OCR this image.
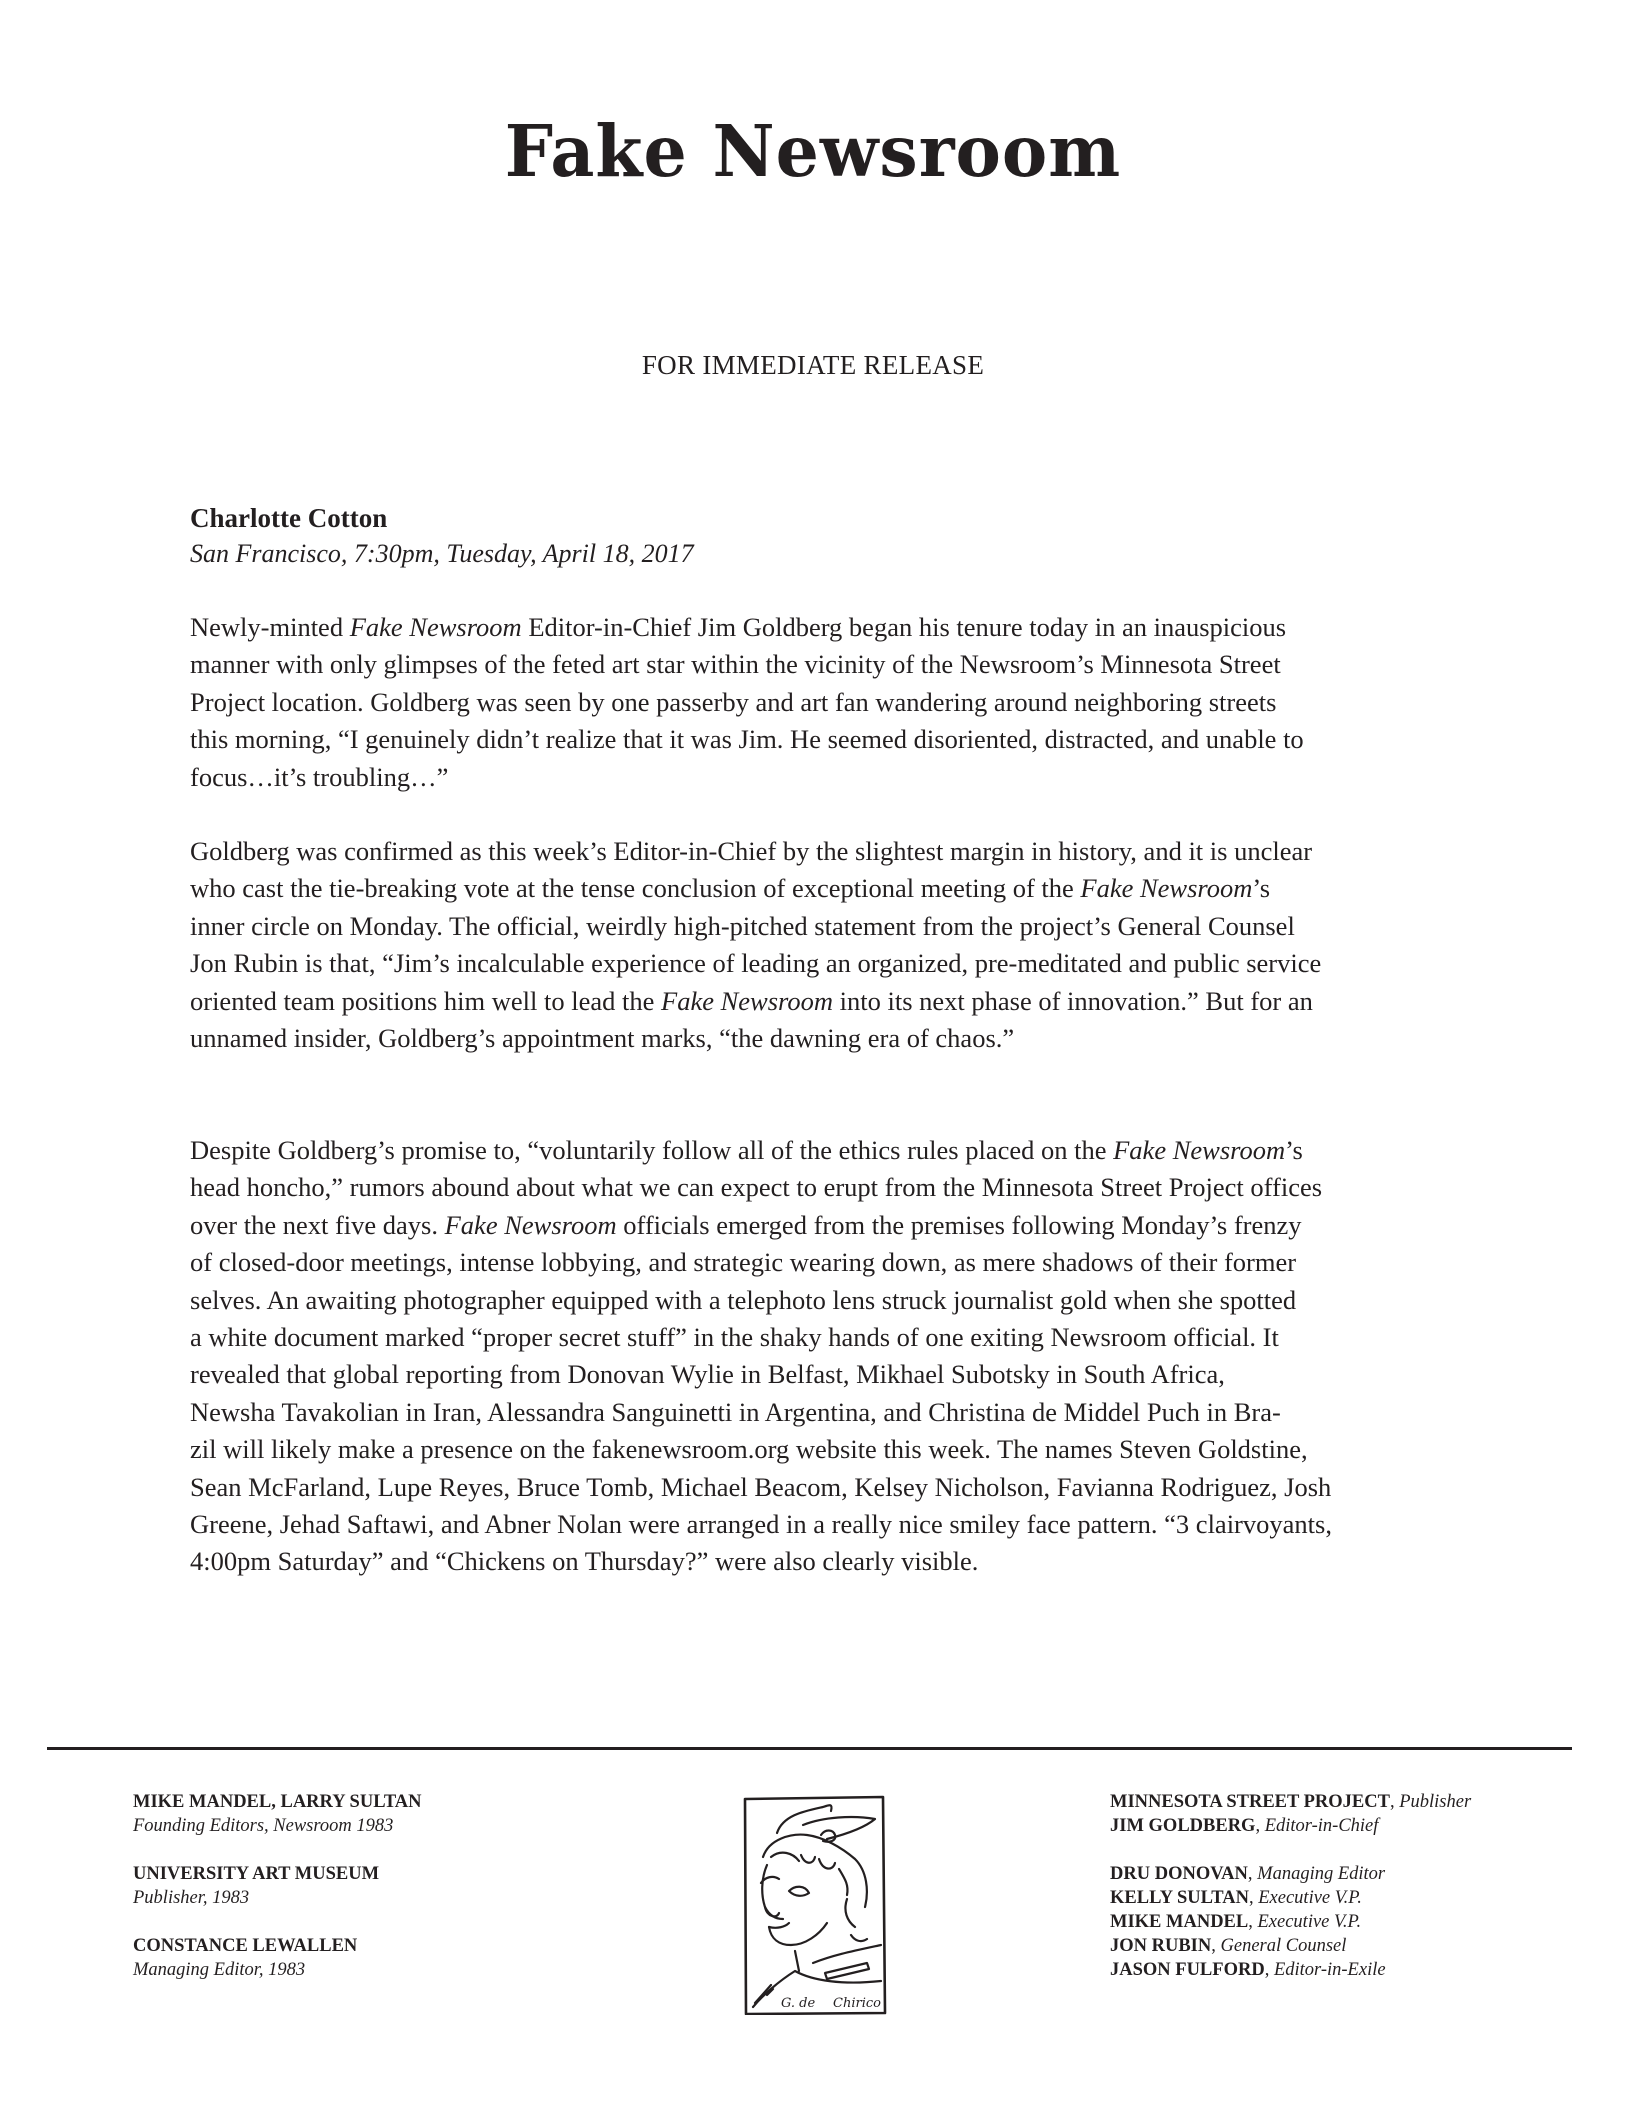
Fake Newsroom
FOR IMMEDIATE RELEASE
Charlotte Cotton
San Francisco, 7:30pm, Tuesday, April 18, 2017
Newly-minted Fake Newsroom Editor-in-Chief Jim Goldberg began his tenure today in an inauspicious
manner with only glimpses of the feted art star within the vicinity of the Newsroom’s Minnesota Street
Project location. Goldberg was seen by one passerby and art fan wandering around neighboring streets
this morning, “I genuinely didn’t realize that it was Jim. He seemed disoriented, distracted, and unable to
focus…it’s troubling…”
Goldberg was confirmed as this week’s Editor-in-Chief by the slightest margin in history, and it is unclear
who cast the tie-breaking vote at the tense conclusion of exceptional meeting of the Fake Newsroom’s
inner circle on Monday. The official, weirdly high-pitched statement from the project’s General Counsel
Jon Rubin is that, “Jim’s incalculable experience of leading an organized, pre-meditated and public service
oriented team positions him well to lead the Fake Newsroom into its next phase of innovation.” But for an
unnamed insider, Goldberg’s appointment marks, “the dawning era of chaos.”
Despite Goldberg’s promise to, “voluntarily follow all of the ethics rules placed on the Fake Newsroom’s
head honcho,” rumors abound about what we can expect to erupt from the Minnesota Street Project offices
over the next five days. Fake Newsroom officials emerged from the premises following Monday’s frenzy
of closed-door meetings, intense lobbying, and strategic wearing down, as mere shadows of their former
selves. An awaiting photographer equipped with a telephoto lens struck journalist gold when she spotted
a white document marked “proper secret stuff” in the shaky hands of one exiting Newsroom official. It
revealed that global reporting from Donovan Wylie in Belfast, Mikhael Subotsky in South Africa,
Newsha Tavakolian in Iran, Alessandra Sanguinetti in Argentina, and Christina de Middel Puch in Bra-
zil will likely make a presence on the fakenewsroom.org website this week. The names Steven Goldstine,
Sean McFarland, Lupe Reyes, Bruce Tomb, Michael Beacom, Kelsey Nicholson, Favianna Rodriguez, Josh
Greene, Jehad Saftawi, and Abner Nolan were arranged in a really nice smiley face pattern. “3 clairvoyants,
4:00pm Saturday” and “Chickens on Thursday?” were also clearly visible.
MIKE MANDEL, LARRY SULTAN
Founding Editors, Newsroom 1983
UNIVERSITY ART MUSEUM
Publisher, 1983
CONSTANCE LEWALLEN
Managing Editor, 1983
G. de Chirico
MINNESOTA STREET PROJECT, Publisher
JIM GOLDBERG, Editor-in-Chief
DRU DONOVAN, Managing Editor
KELLY SULTAN, Executive V.P.
MIKE MANDEL, Executive V.P.
JON RUBIN, General Counsel
JASON FULFORD, Editor-in-Exile
